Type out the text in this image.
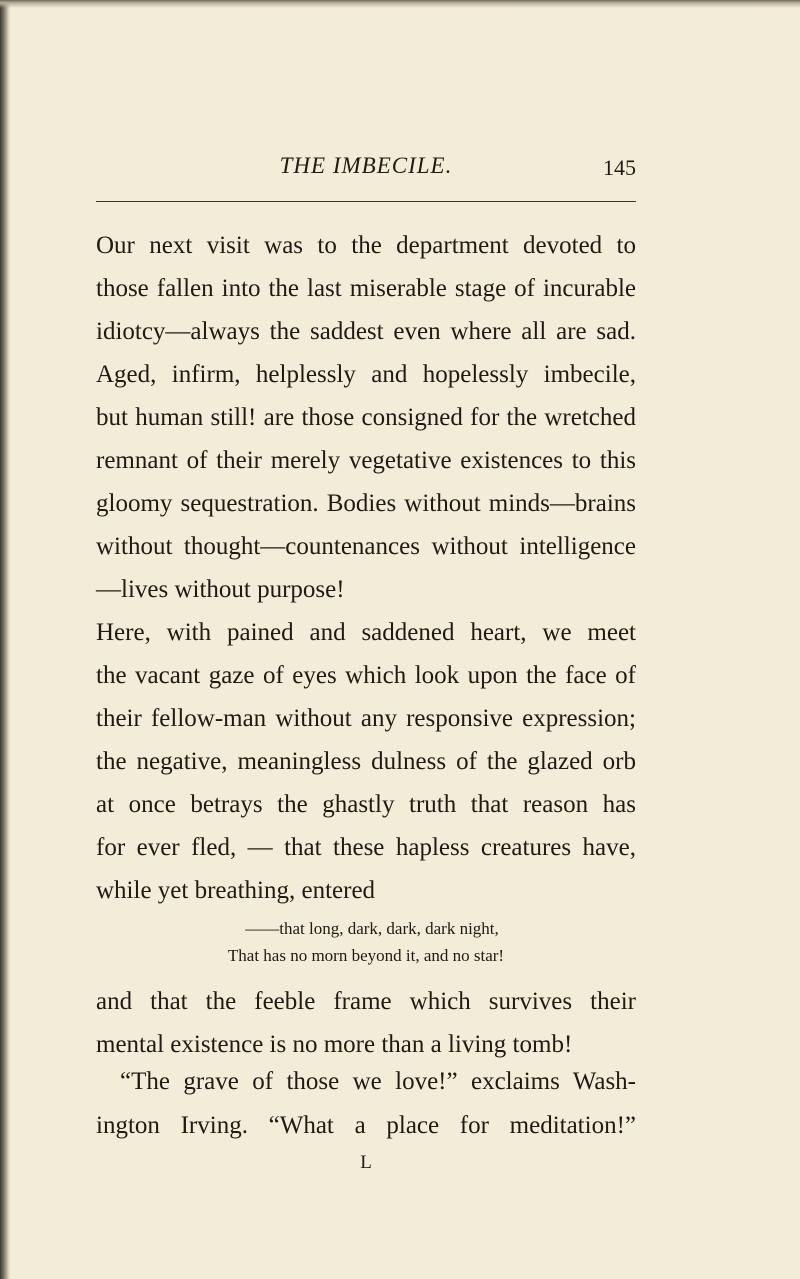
THE IMBECILE.	145
Our next visit was to the department devoted to
those fallen into the last miserable stage of incurable
idiotcy—always the saddest even where all are sad.
Aged, infirm, helplessly and hopelessly imbecile,
but human still! are those consigned for the wretched
remnant of their merely vegetative existences to this
gloomy sequestration. Bodies without minds—brains
without thought—countenances without intelligence
—lives without purpose!
Here, with pained and saddened heart, we meet
the vacant gaze of eyes which look upon the face of
their fellow-man without any responsive expression;
the negative, meaningless dulness of the glazed orb
at once betrays the ghastly truth that reason has
for ever fled, — that these hapless creatures have,
while yet breathing, entered
——that long, dark, dark, dark night,
That has no morn beyond it, and no star!
and that the feeble frame which survives their
mental existence is no more than a living tomb!
“The grave of those we love!” exclaims Wash-
ington Irving. “What a place for meditation!”
L
